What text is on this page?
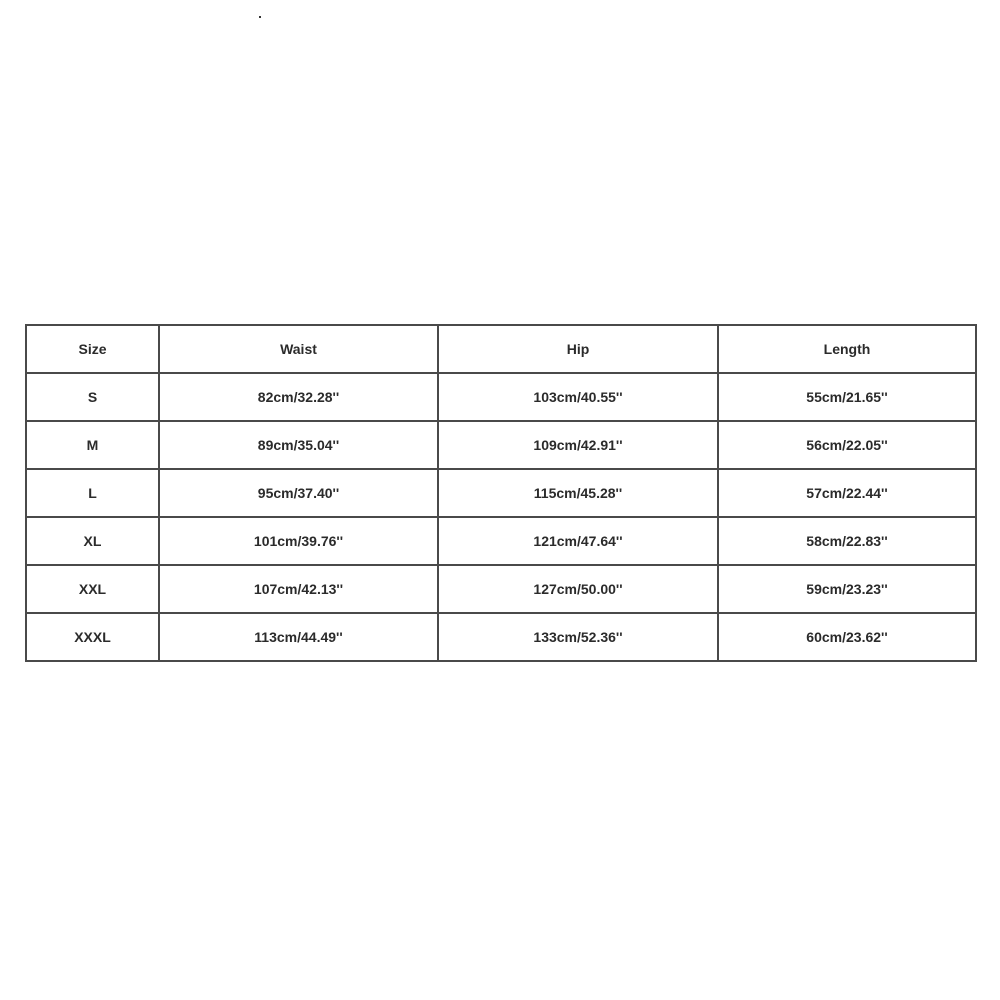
Size	Waist	Hip	Length
S	82cm/32.28''	103cm/40.55''	55cm/21.65''
M	89cm/35.04''	109cm/42.91''	56cm/22.05''
L	95cm/37.40''	115cm/45.28''	57cm/22.44''
XL	101cm/39.76''	121cm/47.64''	58cm/22.83''
XXL	107cm/42.13''	127cm/50.00''	59cm/23.23''
XXXL	113cm/44.49''	133cm/52.36''	60cm/23.62''
